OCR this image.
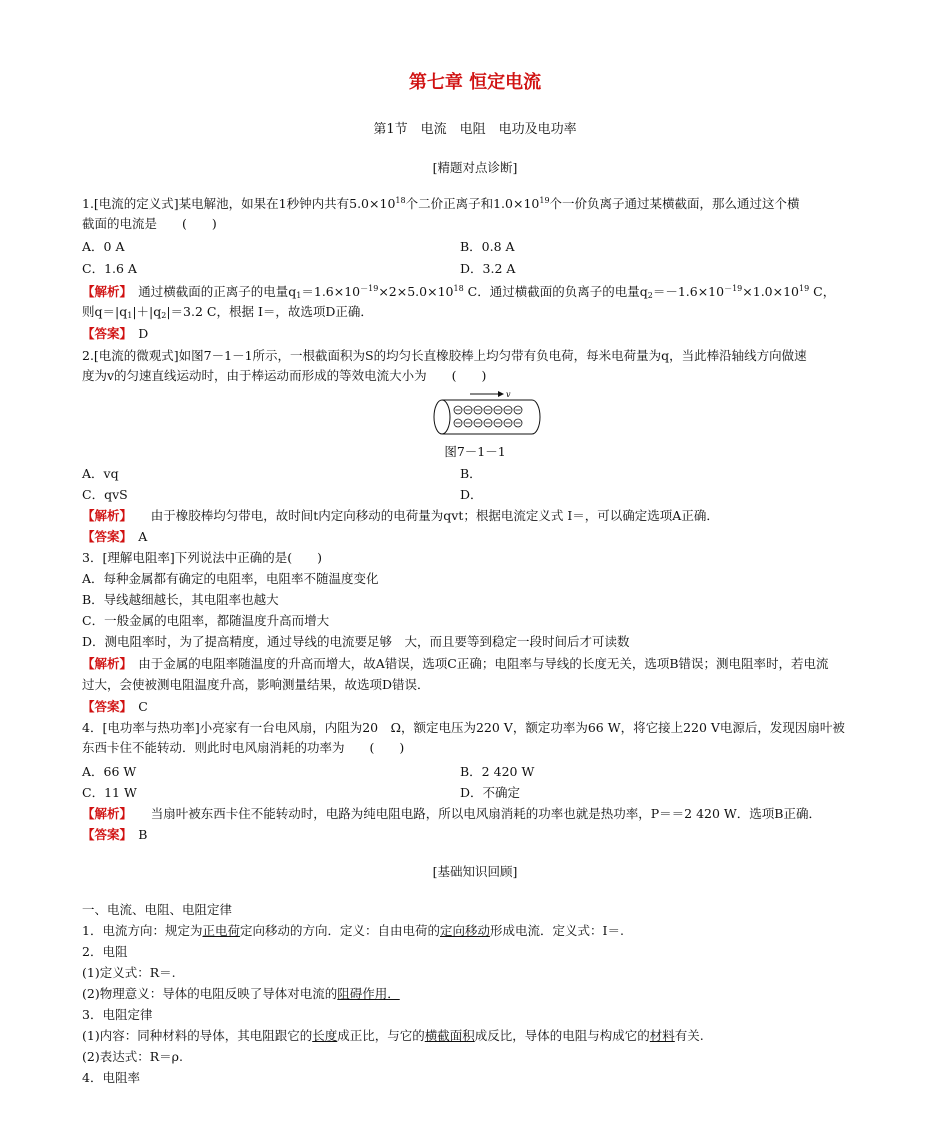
第七章 恒定电流
第1节　电流　电阻　电功及电功率
[精题对点诊断]
1.[电流的定义式]某电解池，如果在1秒钟内共有$5.0\times 10^{18}$个二价正离子和$1.0\times 10^{19}$个一价负离子通过某横截面，那么通过这个横
截面的电流是　　(　　)
A．0 A	B．0.8 A
C．1.6 A	D．3.2 A
【解析】　通过横截面的正离子的电量$q_1=1.6\times 10^{-19}\times 2\times 5.0\times 10^{18}$ C．通过横截面的负离子的电量$q_2=-1.6\times 10^{-19}\times 1.0\times 10^{19}$ C，
则$q=|q_1|+|q_2|=3.2$ C，根据 I＝，故选项D正确．
【答案】　D
2.[电流的微观式]如图7－1－1所示，一根截面积为S的均匀长直橡胶棒上均匀带有负电荷，每米电荷量为q，当此棒沿轴线方向做速
度为v的匀速直线运动时，由于棒运动而形成的等效电流大小为　　(　　)
v
图7－1－1
A．vq	B．
C．qvS	D．
【解析】　　由于橡胶棒均匀带电，故时间t内定向移动的电荷量为qvt；根据电流定义式 I＝，可以确定选项A正确．
【答案】　A
3．[理解电阻率]下列说法中正确的是(　　)
A．每种金属都有确定的电阻率，电阻率不随温度变化
B．导线越细越长，其电阻率也越大
C．一般金属的电阻率，都随温度升高而增大
D．测电阻率时，为了提高精度，通过导线的电流要足够　大，而且要等到稳定一段时间后才可读数
【解析】　由于金属的电阻率随温度的升高而增大，故A错误，选项C正确；电阻率与导线的长度无关，选项B错误；测电阻率时，若电流
过大，会使被测电阻温度升高，影响测量结果，故选项D错误．
【答案】　C
4．[电功率与热功率]小亮家有一台电风扇，内阻为20　Ω，额定电压为220 V，额定功率为66 W，将它接上220 V电源后，发现因扇叶被
东西卡住不能转动．则此时电风扇消耗的功率为　　(　　)
A．66 W	B．2 420 W
C．11 W	D．不确定
【解析】　　当扇叶被东西卡住不能转动时，电路为纯电阻电路，所以电风扇消耗的功率也就是热功率，P＝＝2 420 W．选项B正确．
【答案】　B
[基础知识回顾]
一、电流、电阻、电阻定律
1．电流方向：规定为正电荷定向移动的方向．定义：自由电荷的定向移动形成电流．定义式：I＝.
2．电阻
(1)定义式：R＝.
(2)物理意义：导体的电阻反映了导体对电流的阻碍作用．
3．电阻定律
(1)内容：同种材料的导体，其电阻跟它的长度成正比，与它的横截面积成反比，导体的电阻与构成它的材料有关.
(2)表达式：R＝ρ.
4．电阻率
